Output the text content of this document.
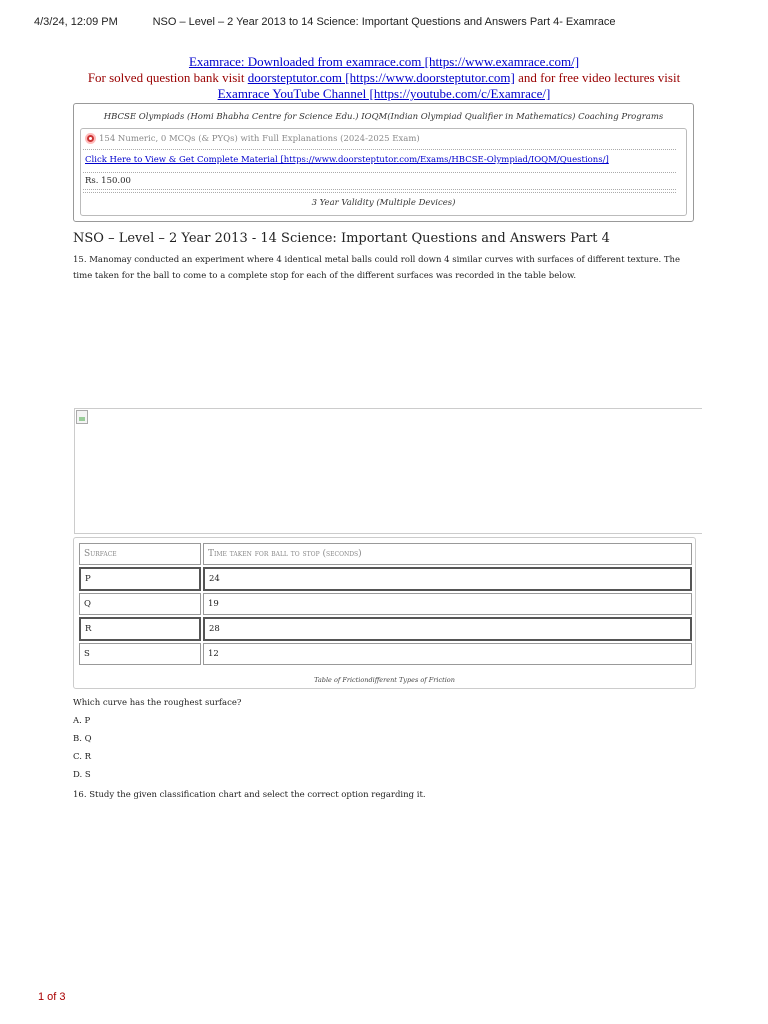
4/3/24, 12:09 PM	NSO – Level – 2 Year 2013 to 14 Science: Important Questions and Answers Part 4- Examrace
Examrace: Downloaded from examrace.com [https://www.examrace.com/]
For solved question bank visit doorsteptutor.com [https://www.doorsteptutor.com] and for free video lectures visit
Examrace YouTube Channel [https://youtube.com/c/Examrace/]
HBCSE Olympiads (Homi Bhabha Centre for Science Edu.) IOQM(Indian Olympiad Qualifier in Mathematics) Coaching Programs
154 Numeric, 0 MCQs (& PYQs) with Full Explanations (2024-2025 Exam)
Click Here to View & Get Complete Material [https://www.doorsteptutor.com/Exams/HBCSE-Olympiad/IOQM/Questions/]
Rs. 150.00
3 Year Validity (Multiple Devices)
NSO – Level – 2 Year 2013 - 14 Science: Important Questions and Answers Part 4
15. Manomay conducted an experiment where 4 identical metal balls could roll down 4 similar curves with surfaces of different texture. The time taken for the ball to come to a complete stop for each of the different surfaces was recorded in the table below.
Surface	Time taken for ball to stop (seconds)
P	24
Q	19
R	28
S	12
Table of Frictiondifferent Types of Friction
Which curve has the roughest surface?
A. P
B. Q
C. R
D. S
16. Study the given classification chart and select the correct option regarding it.
1 of 3
